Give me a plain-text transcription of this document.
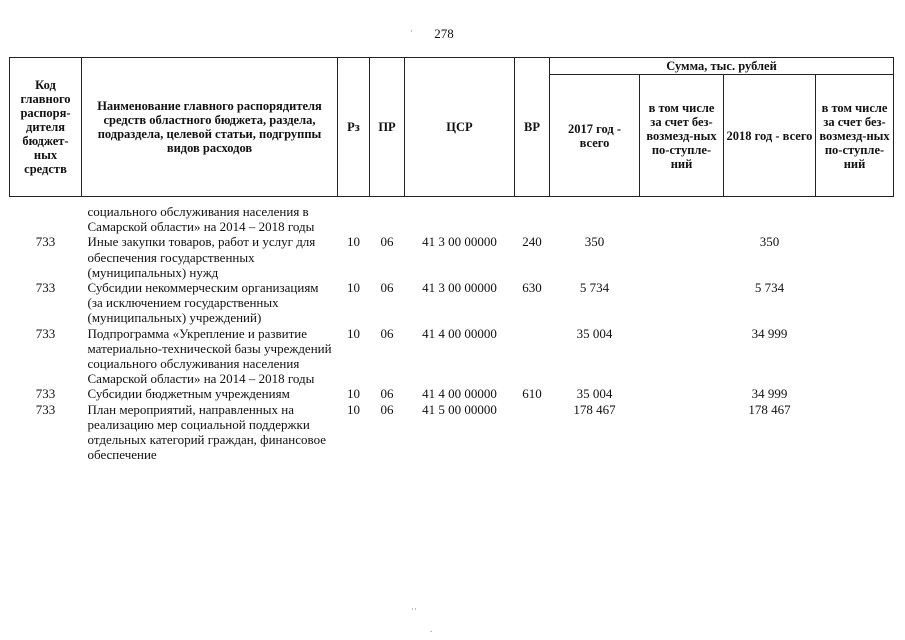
278
Код главного распоря-дителя бюджет-ных средств	Наименование главного распорядителя средств областного бюджета, раздела, подраздела, целевой статьи, подгруппы видов расходов	Рз	ПР	ЦСР	ВР	Сумма, тыс. рублей			
						2017 год - всего	в том числе за счет без-возмезд-ных по-ступле-ний	2018 год - всего	в том числе за счет без-возмезд-ных по-ступле-ний

	социального обслуживания населения в Самарской области» на 2014 – 2018 годы								
733	Иные закупки товаров, работ и услуг для обеспечения государственных (муниципальных) нужд	10	06	41 3 00 00000	240	350		350	
733	Субсидии некоммерческим организациям (за исключением государственных (муниципальных) учреждений)	10	06	41 3 00 00000	630	5 734		5 734	
733	Подпрограмма «Укрепление и развитие материально-технической базы учреждений социального обслуживания населения Самарской области» на 2014 – 2018 годы	10	06	41 4 00 00000		35 004		34 999	
733	Субсидии бюджетным учреждениям	10	06	41 4 00 00000	610	35 004		34 999	
733	План мероприятий, направленных на реализацию мер социальной поддержки отдельных категорий граждан, финансовое обеспечение	10	06	41 5 00 00000		178 467		178 467	
·
··
.
